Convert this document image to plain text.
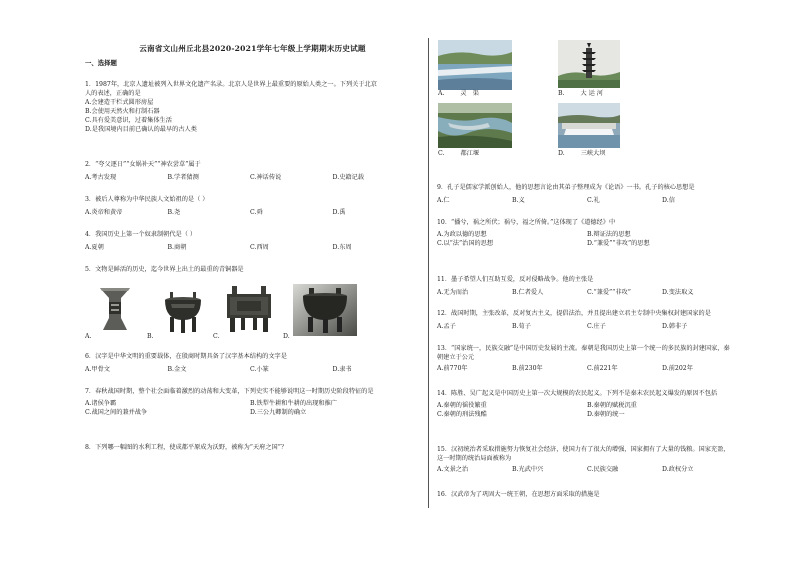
云南省文山州丘北县2020-2021学年七年级上学期期末历史试题
一、选择题

1．1987年，北京人遗址被列入世界文化遗产名录。北京人是世界上最重要的原始人类之一。下列关于北京

人的表述，正确的是

A.会建造干栏式圆形房屋

B.会使用天然火和打制石器

C.具有爱美意识，过着集体生活

D.是我国境内目前已确认的最早的古人类

2．“夸父逐日”“女娲补天”“神农尝草”属于

A.考古发现	B.学者猜测	C.神话传说	D.史籍记载

3．被后人尊称为中华民族人文始祖的是（ ）

A.炎帝和黄帝	B.尧	C.舜	D.禹

4．我国历史上第一个奴隶制朝代是（ ）

A.夏朝	B.商朝	C.西周	D.东周

5．文物是鲜活的历史，迄今世界上出土的最重的青铜器是

A.	B.	C.	D.

6．汉字是中华文明的重要载体，在殷商时期具备了汉字基本结构的文字是

A.甲骨文	B.金文	C.小篆	D.隶书

7．春秋战国时期，整个社会面临着激烈的动荡和大变革，下列史实不能够说明这一时期历史阶段特征的是

A.诸侯争霸	B.铁犁牛耕和牛耕的出现和推广
C.战国之间的兼并战争	D.三公九卿制的确立

8．下列哪一幅图的水利工程，使成都平原成为沃野，被称为“天府之国”？

A.	灵　渠	B.	大 运 河
C.	都江堰	D.	三峡大坝

9．孔子是儒家学派创始人，他的思想言论由其弟子整理成为《论语》一书。孔子的核心思想是

A.仁	B.义	C.礼	D.信

10．“播兮，祸之所伏；祸兮，福之所倚。”这体现了《道德经》中

A.为政以德的思想	B.辩证法的思想
C.以“法”治国的思想	D.“兼爱”“非攻”的思想

11．墨子希望人们互助互爱，反对侵略战争。他的主张是

A.无为而治	B.仁者爱人	C.“兼爱”“非攻”	D.变法取义

12．战国时期，主张改革，反对复古主义，提倡法治，并且提出建立君主专制中央集权封建国家的是

A.孟子	B.荀子	C.庄子	D.韩非子

13．“国家统一，民族交融”是中国历史发展的主流。秦朝是我国历史上第一个统一的多民族的封建国家，秦

朝建立于公元

A.前770年	B.前230年	C.前221年	D.前202年

14．陈胜、吴广起义是中国历史上第一次大规模的农民起义。下列不是秦末农民起义爆发的原因不包括

A.秦朝的徭役繁重	B.秦朝的赋税沉重
C.秦朝的刑法残酷	D.秦朝的统一

15．汉初统治者采取措施努力恢复社会经济，使国力有了很大的增强，国家拥有了大量的钱粮。国家充盈，

这一时期的统治局面被称为

A.文景之治	B.光武中兴	C.民族交融	D.政权分立

16．汉武帝为了巩固大一统王朝，在思想方面采取的措施是
